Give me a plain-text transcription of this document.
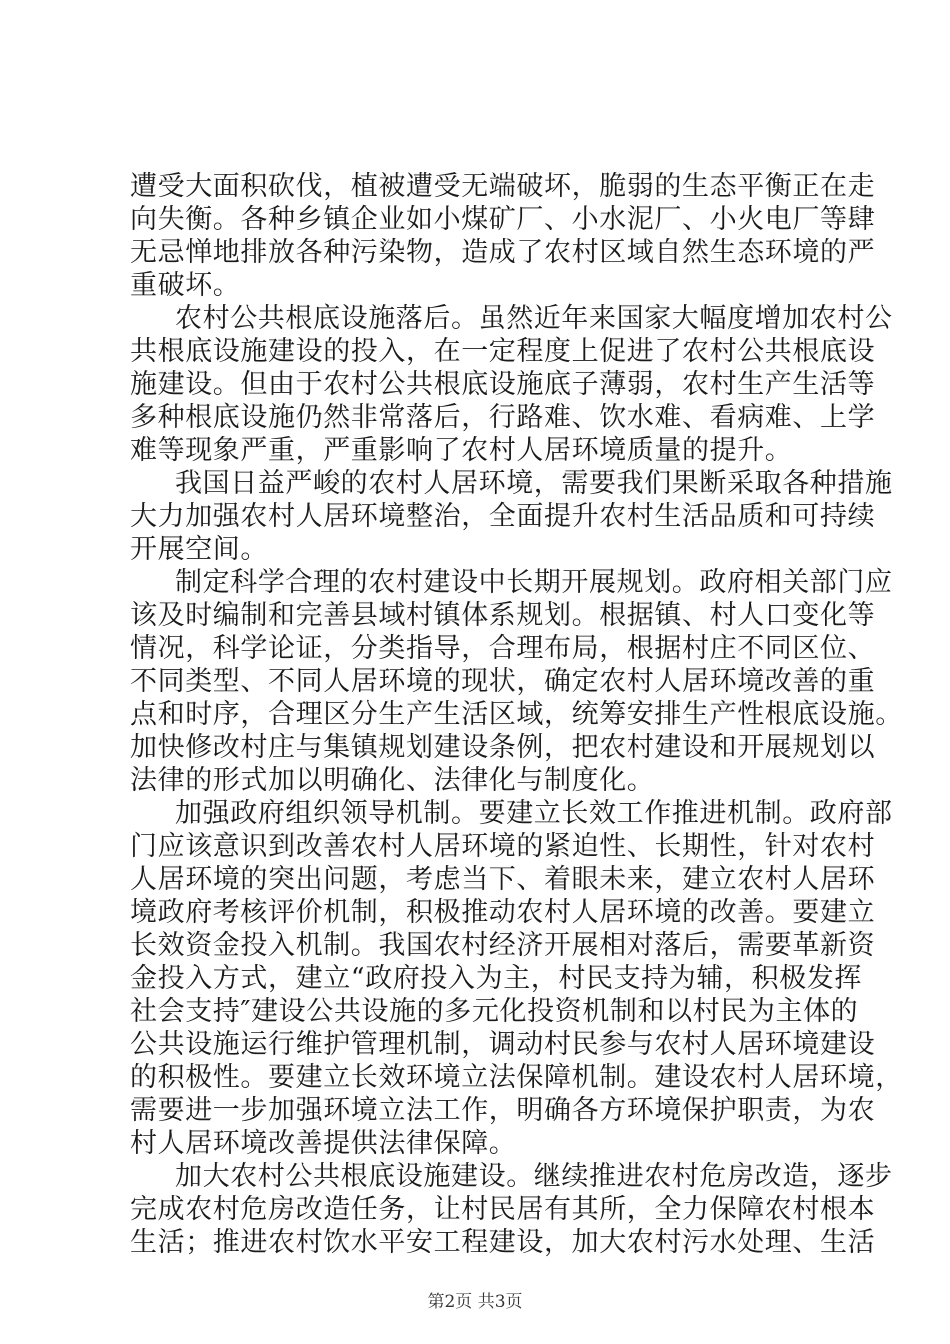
遭受大面积砍伐，植被遭受无端破坏，脆弱的生态平衡正在走
向失衡。各种乡镇企业如小煤矿厂、小水泥厂、小火电厂等肆
无忌惮地排放各种污染物，造成了农村区域自然生态环境的严
重破坏。
农村公共根底设施落后。虽然近年来国家大幅度增加农村公
共根底设施建设的投入，在一定程度上促进了农村公共根底设
施建设。但由于农村公共根底设施底子薄弱，农村生产生活等
多种根底设施仍然非常落后，行路难、饮水难、看病难、上学
难等现象严重，严重影响了农村人居环境质量的提升。
我国日益严峻的农村人居环境，需要我们果断采取各种措施
大力加强农村人居环境整治，全面提升农村生活品质和可持续
开展空间。
制定科学合理的农村建设中长期开展规划。政府相关部门应
该及时编制和完善县域村镇体系规划。根据镇、村人口变化等
情况，科学论证，分类指导，合理布局，根据村庄不同区位、
不同类型、不同人居环境的现状，确定农村人居环境改善的重
点和时序，合理区分生产生活区域，统筹安排生产性根底设施。
加快修改村庄与集镇规划建设条例，把农村建设和开展规划以
法律的形式加以明确化、法律化与制度化。
加强政府组织领导机制。要建立长效工作推进机制。政府部
门应该意识到改善农村人居环境的紧迫性、长期性，针对农村
人居环境的突出问题，考虑当下、着眼未来，建立农村人居环
境政府考核评价机制，积极推动农村人居环境的改善。要建立
长效资金投入机制。我国农村经济开展相对落后，需要革新资
金投入方式，建立“政府投入为主，村民支持为辅，积极发挥
社会支持″建设公共设施的多元化投资机制和以村民为主体的
公共设施运行维护管理机制，调动村民参与农村人居环境建设
的积极性。要建立长效环境立法保障机制。建设农村人居环境，
需要进一步加强环境立法工作，明确各方环境保护职责，为农
村人居环境改善提供法律保障。
加大农村公共根底设施建设。继续推进农村危房改造，逐步
完成农村危房改造任务，让村民居有其所，全力保障农村根本
生活；推进农村饮水平安工程建设，加大农村污水处理、生活
第2页 共3页
